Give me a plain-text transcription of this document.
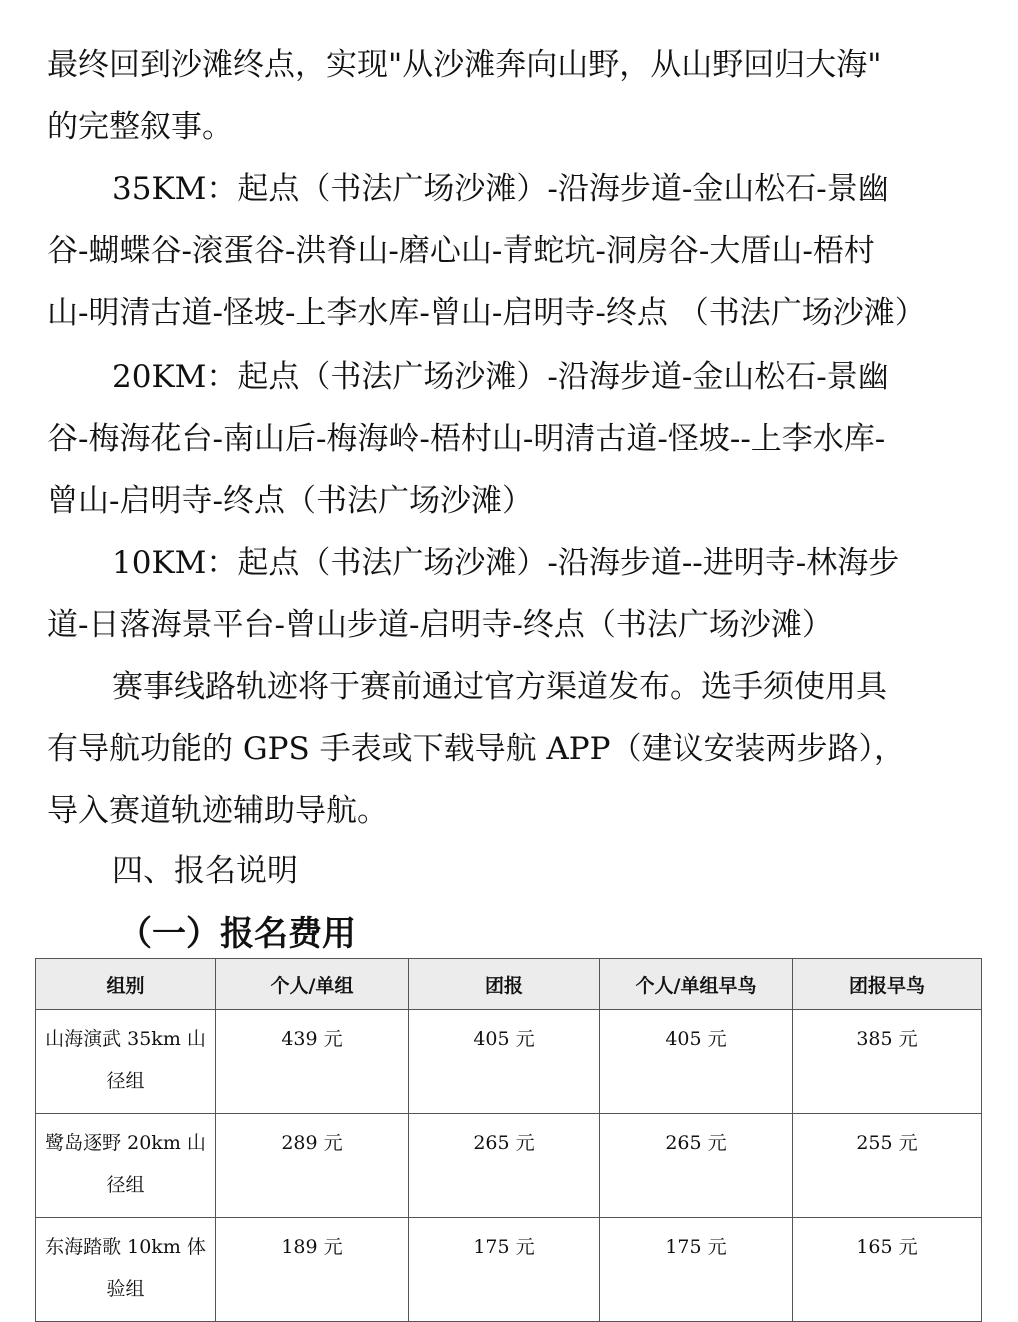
最终回到沙滩终点，实现"从沙滩奔向山野，从山野回归大海"
的完整叙事。
35KM：起点（书法广场沙滩）-沿海步道-金山松石-景幽
谷-蝴蝶谷-滚蛋谷-洪脊山-磨心山-青蛇坑-洞房谷-大厝山-梧村
山-明清古道-怪坡-上李水库-曾山-启明寺-终点 （书法广场沙滩）
20KM：起点（书法广场沙滩）-沿海步道-金山松石-景幽
谷-梅海花台-南山后-梅海岭-梧村山-明清古道-怪坡--上李水库-
曾山-启明寺-终点（书法广场沙滩）
10KM：起点（书法广场沙滩）-沿海步道--进明寺-林海步
道-日落海景平台-曾山步道-启明寺-终点（书法广场沙滩）
赛事线路轨迹将于赛前通过官方渠道发布。选手须使用具
有导航功能的 GPS 手表或下载导航 APP（建议安装两步路），
导入赛道轨迹辅助导航。
四、报名说明
（一）报名费用
组别	个人/单组	团报	个人/单组早鸟	团报早鸟
山海演武 35km 山径组	439 元	405 元	405 元	385 元
鹭岛逐野 20km 山径组	289 元	265 元	265 元	255 元
东海踏歌 10km 体验组	189 元	175 元	175 元	165 元
